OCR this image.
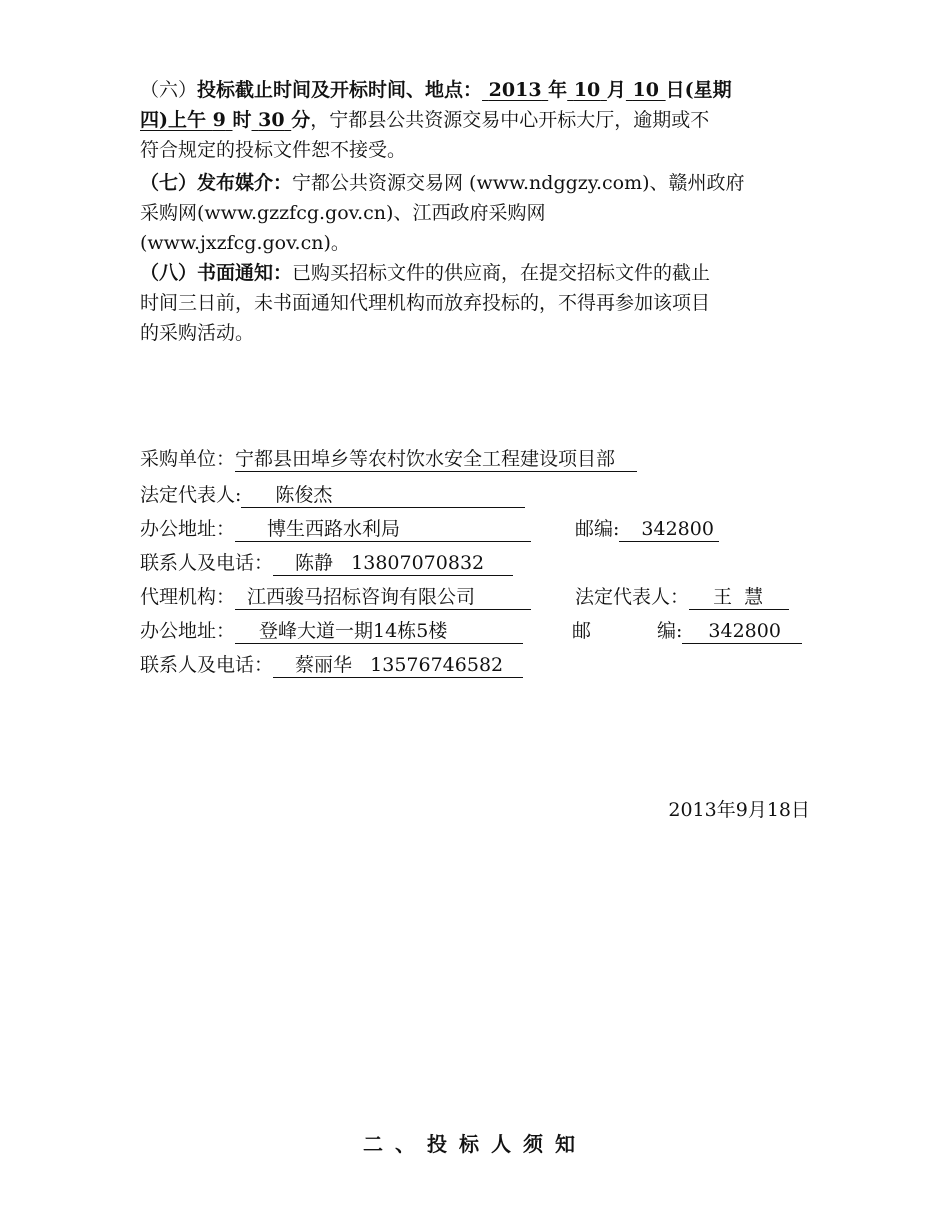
（六）投标截止时间及开标时间、地点： 2013 年 10 月 10 日(星期
四)上午 9 时 30 分，宁都县公共资源交易中心开标大厅，逾期或不
符合规定的投标文件恕不接受。
（七）发布媒介：宁都公共资源交易网 (www.ndggzy.com)、赣州政府
采购网(www.gzzfcg.gov.cn)、江西政府采购网
(www.jxzfcg.gov.cn)。
（八）书面通知：已购买招标文件的供应商，在提交招标文件的截止
时间三日前，未书面通知代理机构而放弃投标的，不得再参加该项目
的采购活动。
采购单位：宁都县田埠乡等农村饮水安全工程建设项目部
法定代表人: 陈俊杰
办公地址： 博生西路水利局	邮编: 342800
联系人及电话： 陈静 13807070832
代理机构： 江西骏马招标咨询有限公司	法定代表人： 王  慧
办公地址： 登峰大道一期14栋5楼	邮	编: 342800
联系人及电话： 蔡丽华 13576746582
2013年9月18日
二、投标人须知
